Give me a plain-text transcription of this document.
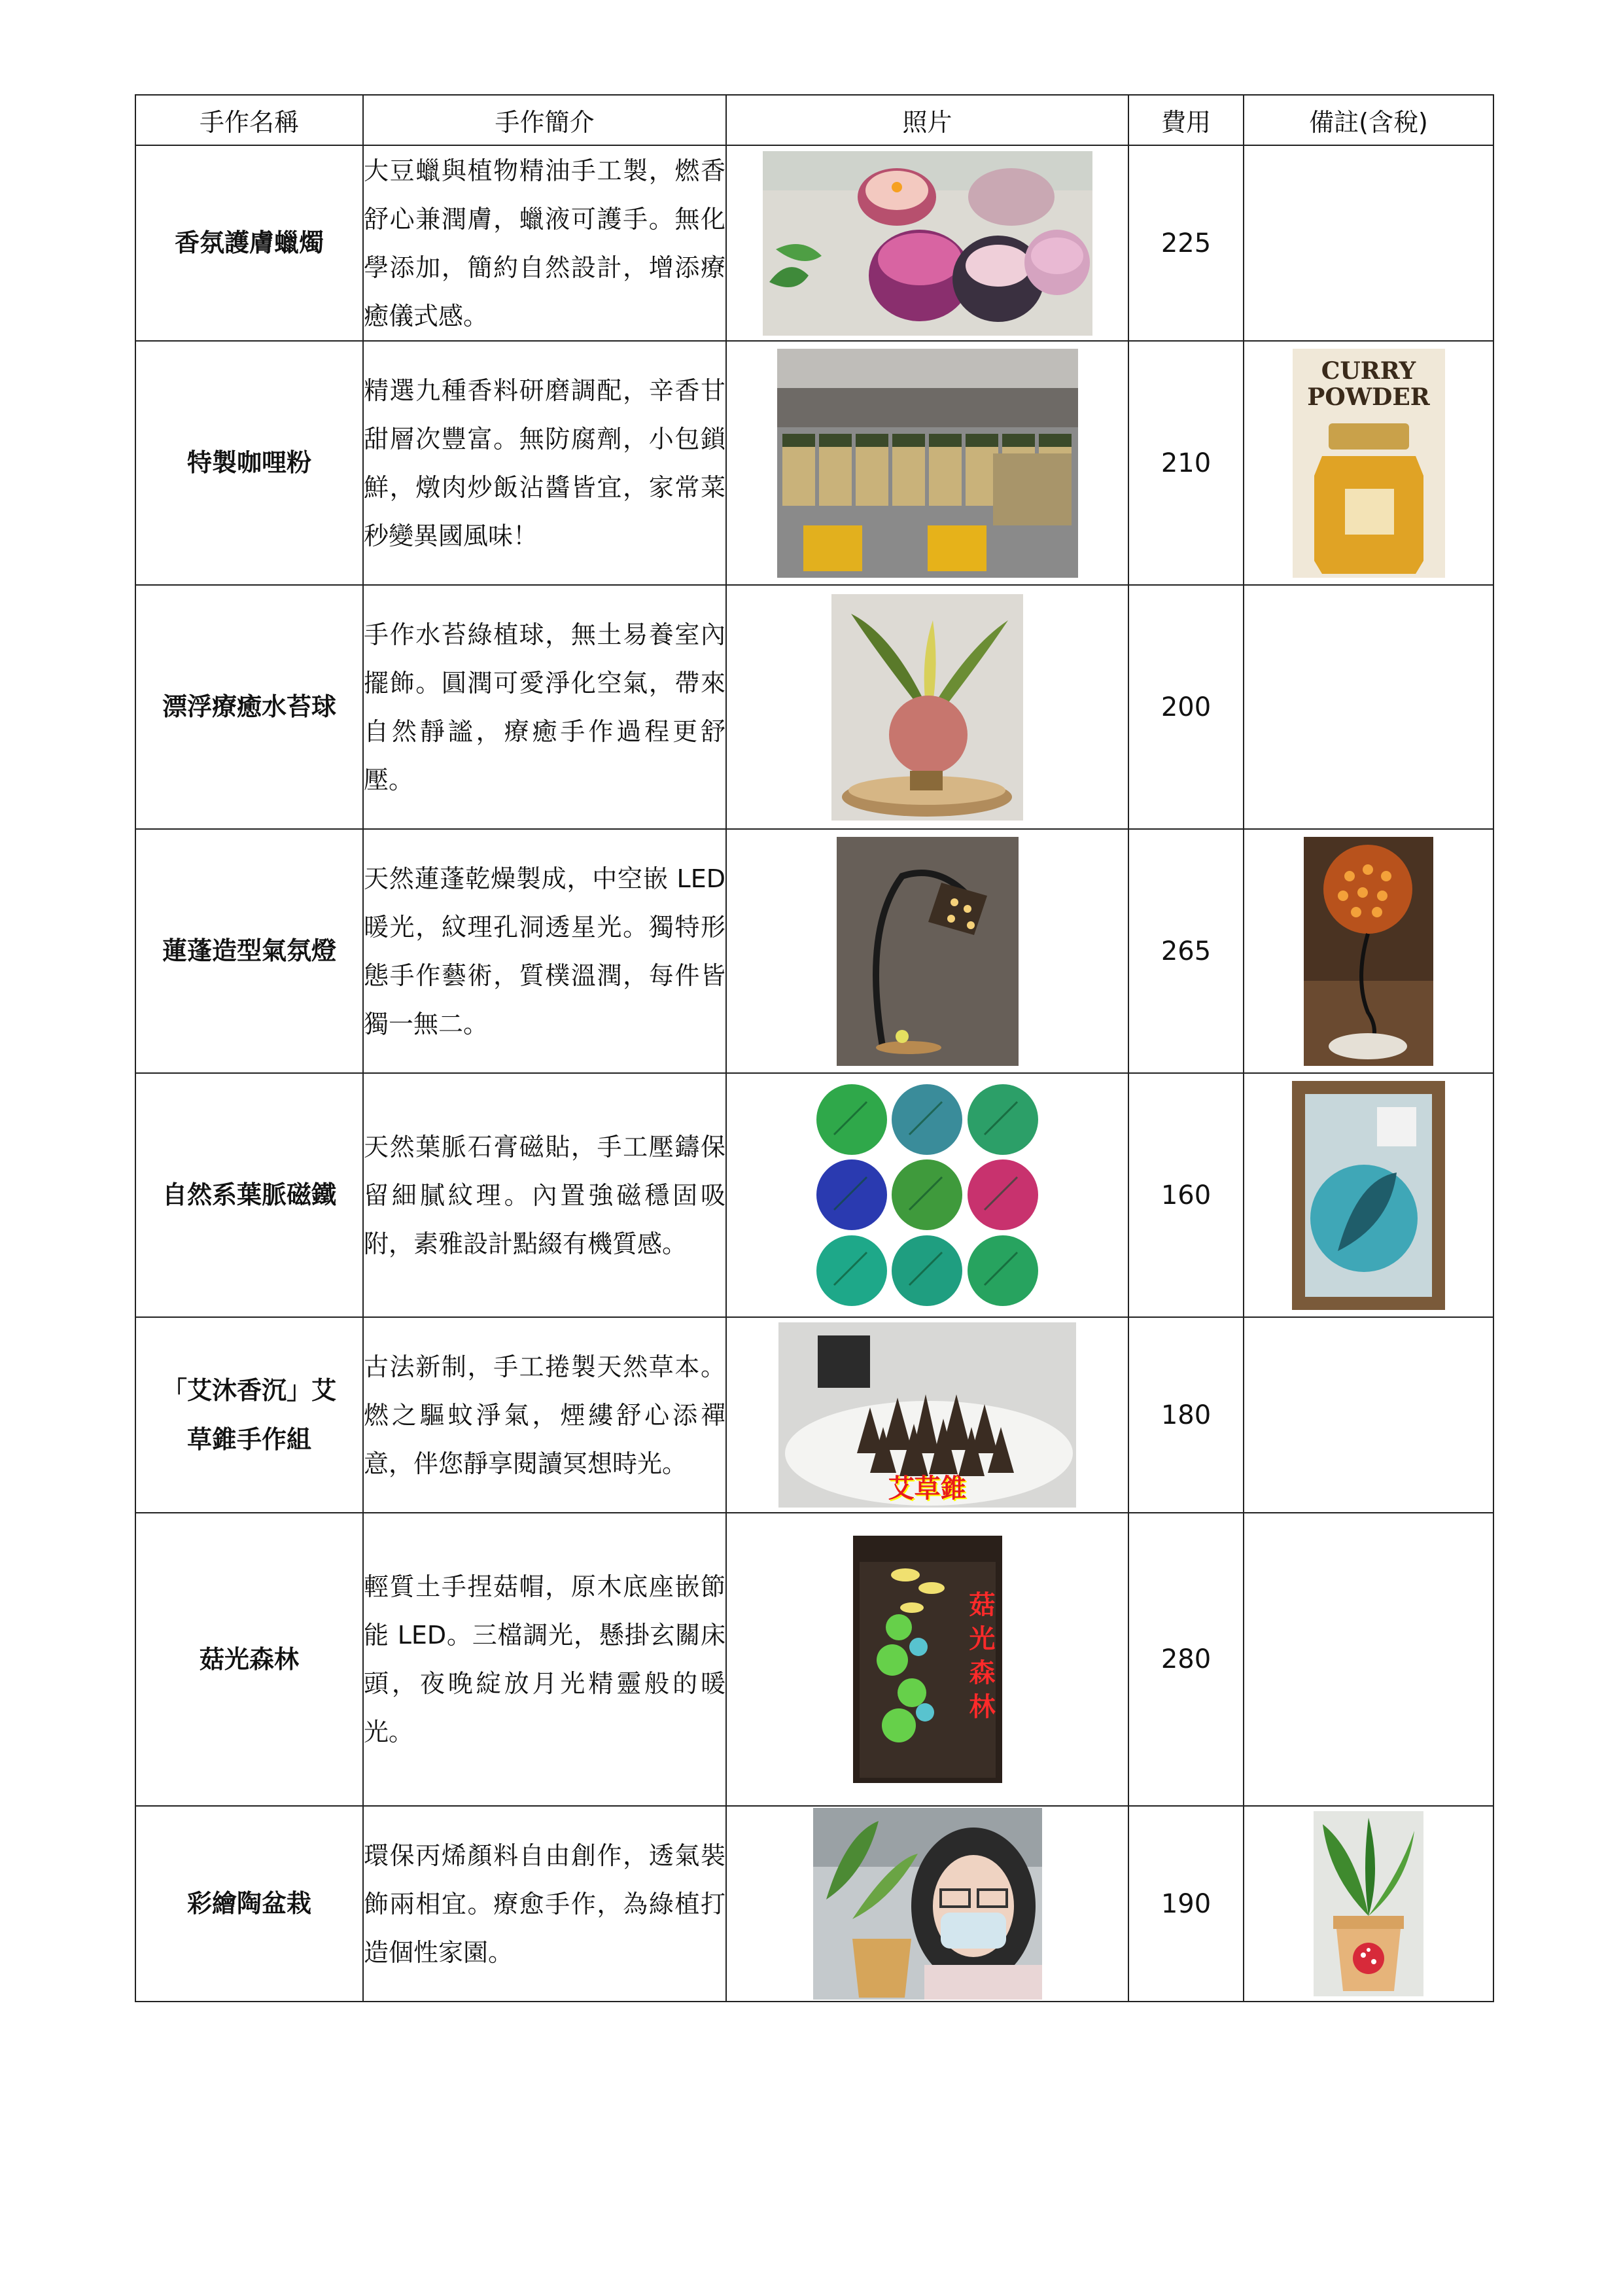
手作名稱	手作簡介	照片	費用	備註(含稅)
香氛護膚蠟燭	大豆蠟與植物精油手工製，燃香舒心兼潤膚，蠟液可護手。無化學添加，簡約自然設計，增添療癒儀式感。		225	
特製咖哩粉	精選九種香料研磨調配，辛香甘甜層次豐富。無防腐劑，小包鎖鮮，燉肉炒飯沾醬皆宜，家常菜秒變異國風味！		210	CURRY
POWDER

漂浮療癒水苔球	手作水苔綠植球，無土易養室內擺飾。圓潤可愛淨化空氣，帶來自然靜謐，療癒手作過程更舒壓。		200	
蓮蓬造型氣氛燈	天然蓮蓬乾燥製成，中空嵌 LED 暖光，紋理孔洞透星光。獨特形態手作藝術，質樸溫潤，每件皆獨一無二。		265	

自然系葉脈磁鐵	天然葉脈石膏磁貼，手工壓鑄保留細膩紋理。內置強磁穩固吸附，素雅設計點綴有機質感。		160	

「艾沐香沉」艾
草錐手作組	古法新制，手工捲製天然草本。燃之驅蚊淨氣，煙縷舒心添禪意，伴您靜享閱讀冥想時光。	艾草錐	180	
菇光森林	輕質土手捏菇帽，原木底座嵌節能 LED。三檔調光，懸掛玄關床頭，夜晚綻放月光精靈般的暖光。	菇光森林	280	
彩繪陶盆栽	環保丙烯顏料自由創作，透氣裝飾兩相宜。療愈手作，為綠植打造個性家園。		190	
